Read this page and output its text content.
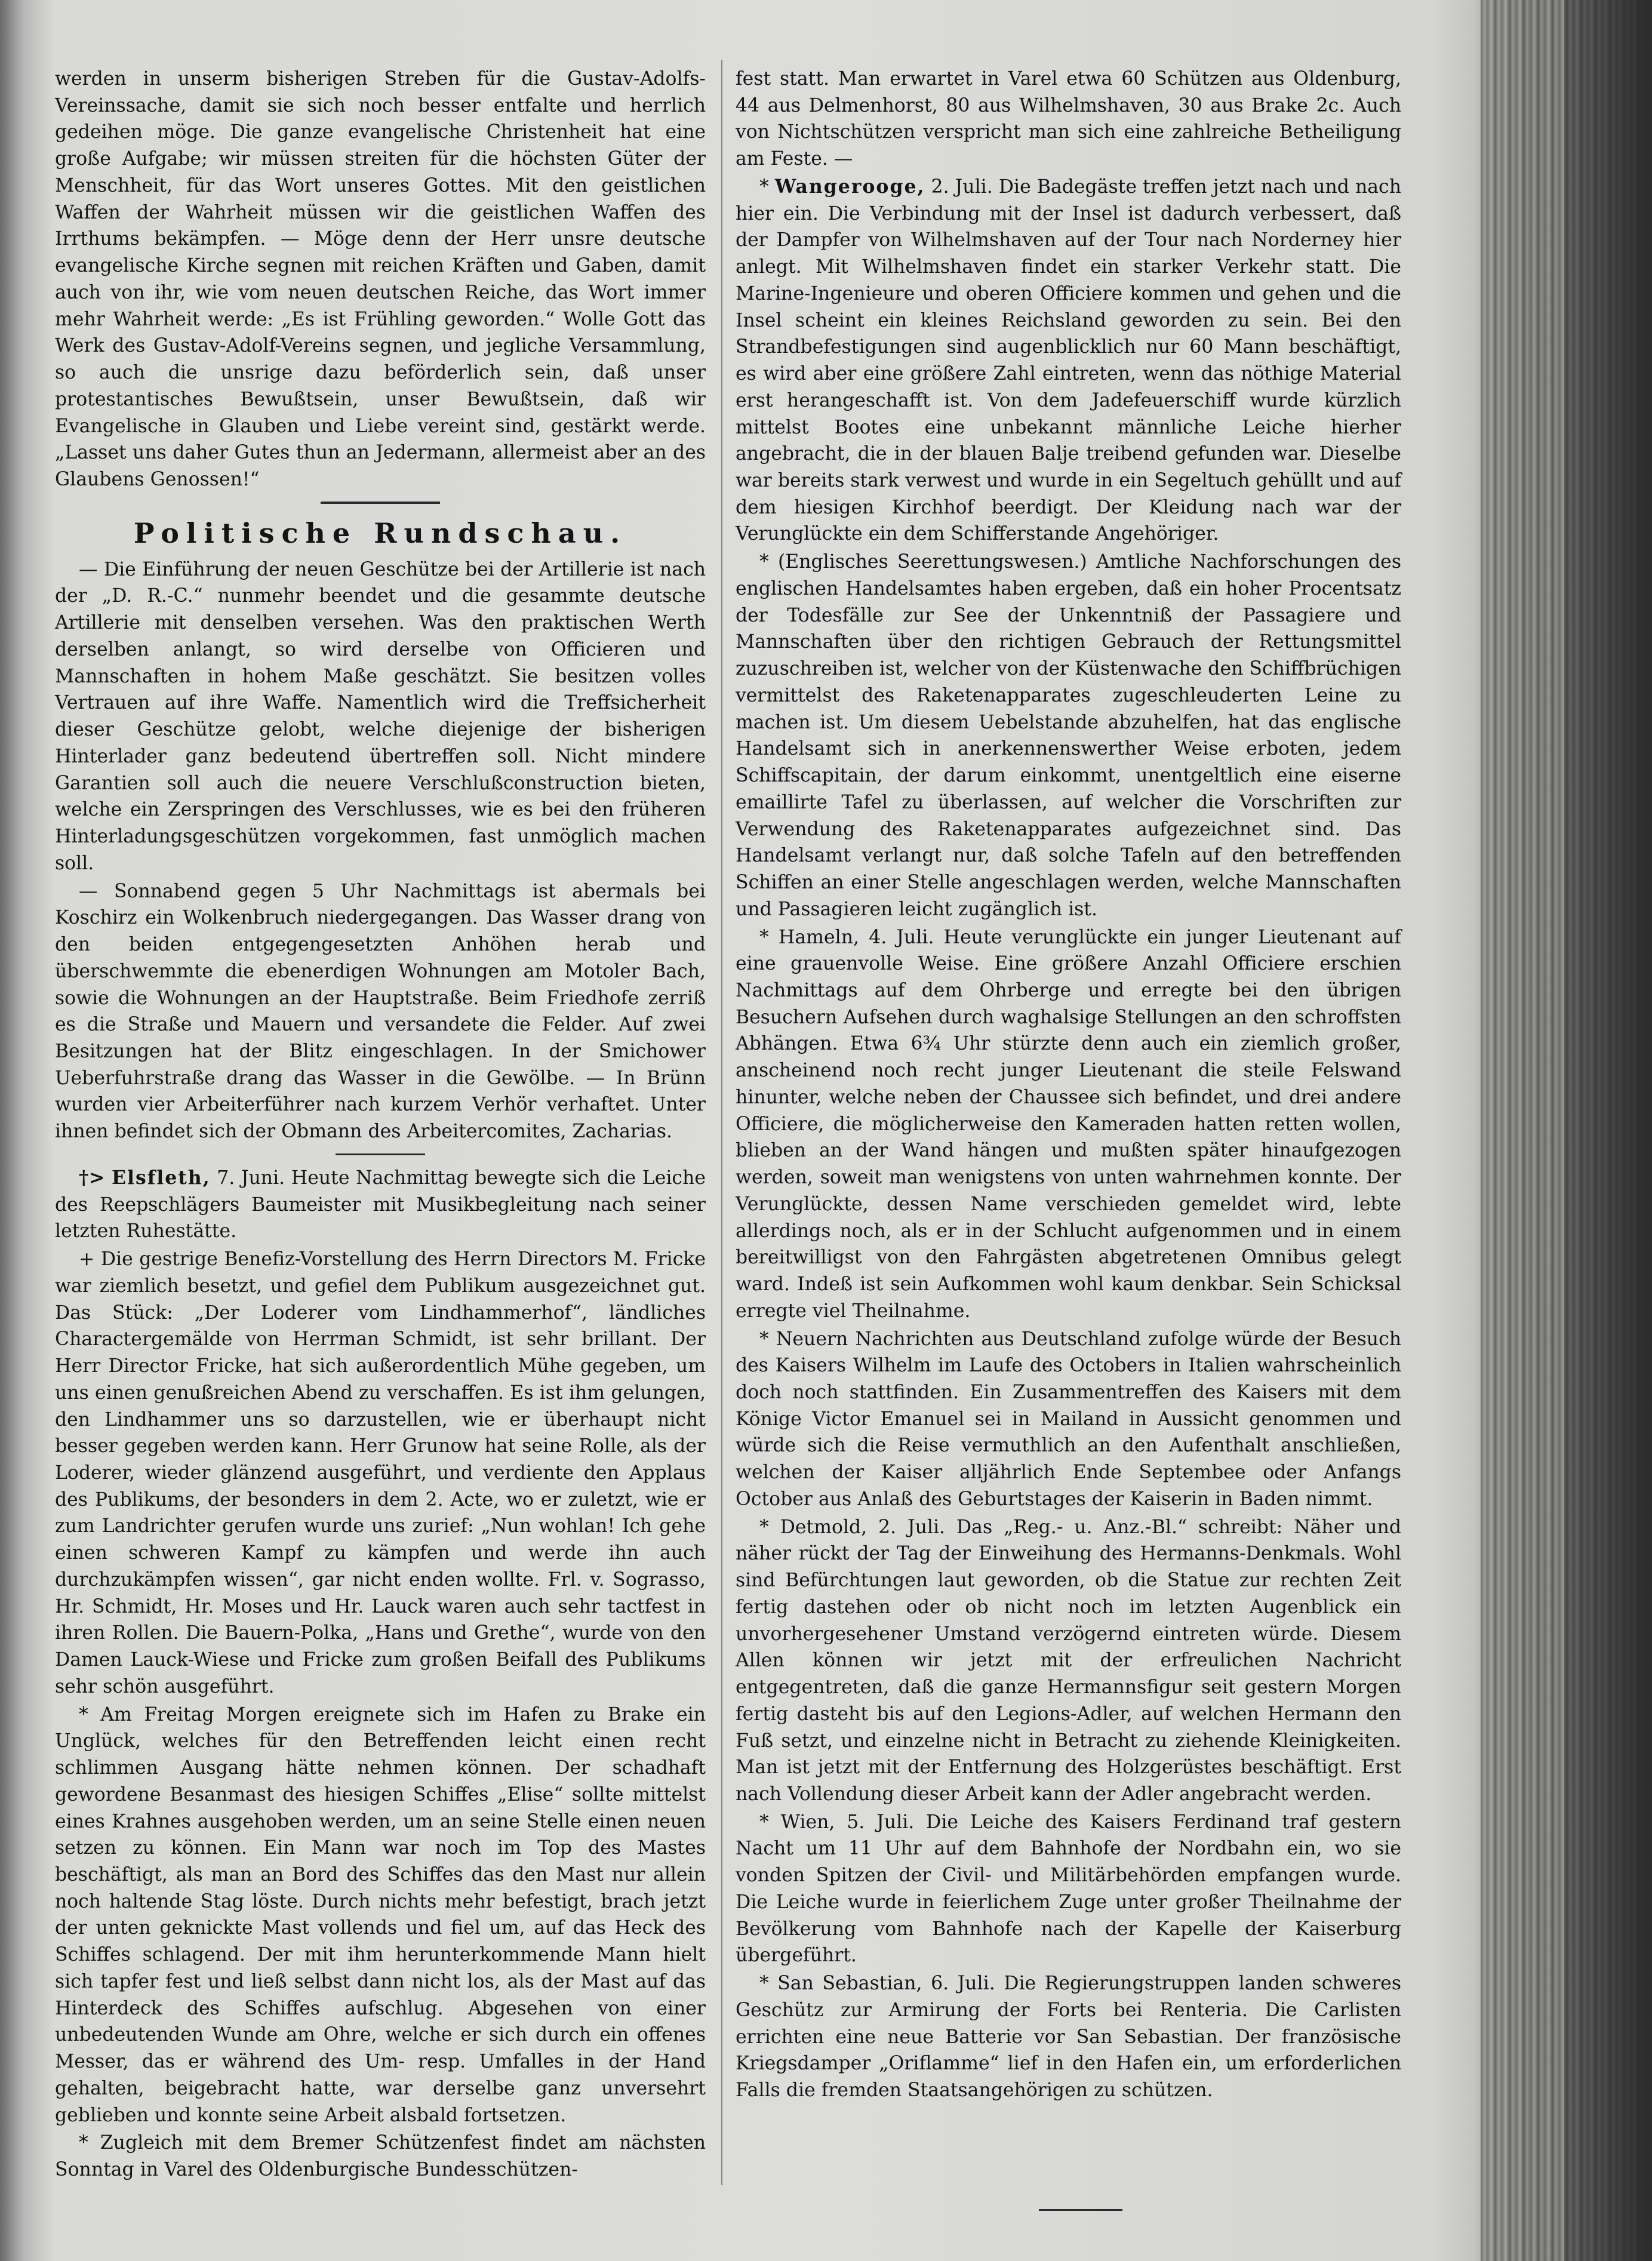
werden in unserm bisherigen Streben für die Gustav-Adolfs-Vereinssache, damit sie sich noch besser entfalte und herrlich gedeihen möge. Die ganze evangelische Christenheit hat eine große Aufgabe; wir müssen streiten für die höchsten Güter der Menschheit, für das Wort unseres Gottes. Mit den geistlichen Waffen der Wahrheit müssen wir die geistlichen Waffen des Irrthums bekämpfen. — Möge denn der Herr unsre deutsche evangelische Kirche segnen mit reichen Kräften und Gaben, damit auch von ihr, wie vom neuen deutschen Reiche, das Wort immer mehr Wahrheit werde: „Es ist Frühling geworden.“ Wolle Gott das Werk des Gustav-Adolf-Vereins segnen, und jegliche Versammlung, so auch die unsrige dazu beförderlich sein, daß unser protestantisches Bewußtsein, unser Bewußtsein, daß wir Evangelische in Glauben und Liebe vereint sind, gestärkt werde. „Lasset uns daher Gutes thun an Jedermann, allermeist aber an des Glaubens Genossen!“

Politische Rundschau.

— Die Einführung der neuen Geschütze bei der Artillerie ist nach der „D. R.-C.“ nunmehr beendet und die gesammte deutsche Artillerie mit denselben versehen. Was den praktischen Werth derselben anlangt, so wird derselbe von Officieren und Mannschaften in hohem Maße geschätzt. Sie besitzen volles Vertrauen auf ihre Waffe. Namentlich wird die Treffsicherheit dieser Geschütze gelobt, welche diejenige der bisherigen Hinterlader ganz bedeutend übertreffen soll. Nicht mindere Garantien soll auch die neuere Verschlußconstruction bieten, welche ein Zerspringen des Verschlusses, wie es bei den früheren Hinterladungsgeschützen vorgekommen, fast unmöglich machen soll.

— Sonnabend gegen 5 Uhr Nachmittags ist abermals bei Koschirz ein Wolkenbruch niedergegangen. Das Wasser drang von den beiden entgegengesetzten Anhöhen herab und überschwemmte die ebenerdigen Wohnungen am Motoler Bach, sowie die Wohnungen an der Hauptstraße. Beim Friedhofe zerriß es die Straße und Mauern und versandete die Felder. Auf zwei Besitzungen hat der Blitz eingeschlagen. In der Smichower Ueberfuhrstraße drang das Wasser in die Gewölbe. — In Brünn wurden vier Arbeiterführer nach kurzem Verhör verhaftet. Unter ihnen befindet sich der Obmann des Arbeitercomites, Zacharias.

†> Elsfleth, 7. Juni. Heute Nachmittag bewegte sich die Leiche des Reepschlägers Baumeister mit Musikbegleitung nach seiner letzten Ruhestätte.

+ Die gestrige Benefiz-Vorstellung des Herrn Directors M. Fricke war ziemlich besetzt, und gefiel dem Publikum ausgezeichnet gut. Das Stück: „Der Loderer vom Lindhammerhof“, ländliches Charactergemälde von Herrman Schmidt, ist sehr brillant. Der Herr Director Fricke, hat sich außerordentlich Mühe gegeben, um uns einen genußreichen Abend zu verschaffen. Es ist ihm gelungen, den Lindhammer uns so darzustellen, wie er überhaupt nicht besser gegeben werden kann. Herr Grunow hat seine Rolle, als der Loderer, wieder glänzend ausgeführt, und verdiente den Applaus des Publikums, der besonders in dem 2. Acte, wo er zuletzt, wie er zum Landrichter gerufen wurde uns zurief: „Nun wohlan! Ich gehe einen schweren Kampf zu kämpfen und werde ihn auch durchzukämpfen wissen“, gar nicht enden wollte. Frl. v. Sograsso, Hr. Schmidt, Hr. Moses und Hr. Lauck waren auch sehr tactfest in ihren Rollen. Die Bauern-Polka, „Hans und Grethe“, wurde von den Damen Lauck-Wiese und Fricke zum großen Beifall des Publikums sehr schön ausgeführt.

* Am Freitag Morgen ereignete sich im Hafen zu Brake ein Unglück, welches für den Betreffenden leicht einen recht schlimmen Ausgang hätte nehmen können. Der schadhaft gewordene Besanmast des hiesigen Schiffes „Elise“ sollte mittelst eines Krahnes ausgehoben werden, um an seine Stelle einen neuen setzen zu können. Ein Mann war noch im Top des Mastes beschäftigt, als man an Bord des Schiffes das den Mast nur allein noch haltende Stag löste. Durch nichts mehr befestigt, brach jetzt der unten geknickte Mast vollends und fiel um, auf das Heck des Schiffes schlagend. Der mit ihm herunterkommende Mann hielt sich tapfer fest und ließ selbst dann nicht los, als der Mast auf das Hinterdeck des Schiffes aufschlug. Abgesehen von einer unbedeutenden Wunde am Ohre, welche er sich durch ein offenes Messer, das er während des Um- resp. Umfalles in der Hand gehalten, beigebracht hatte, war derselbe ganz unversehrt geblieben und konnte seine Arbeit alsbald fortsetzen.

* Zugleich mit dem Bremer Schützenfest findet am nächsten Sonntag in Varel des Oldenburgische Bundesschützen-

fest statt. Man erwartet in Varel etwa 60 Schützen aus Oldenburg, 44 aus Delmenhorst, 80 aus Wilhelmshaven, 30 aus Brake 2c. Auch von Nichtschützen verspricht man sich eine zahlreiche Betheiligung am Feste. —

* Wangerooge, 2. Juli. Die Badegäste treffen jetzt nach und nach hier ein. Die Verbindung mit der Insel ist dadurch verbessert, daß der Dampfer von Wilhelmshaven auf der Tour nach Norderney hier anlegt. Mit Wilhelmshaven findet ein starker Verkehr statt. Die Marine-Ingenieure und oberen Officiere kommen und gehen und die Insel scheint ein kleines Reichsland geworden zu sein. Bei den Strandbefestigungen sind augenblicklich nur 60 Mann beschäftigt, es wird aber eine größere Zahl eintreten, wenn das nöthige Material erst herangeschafft ist. Von dem Jadefeuerschiff wurde kürzlich mittelst Bootes eine unbekannt männliche Leiche hierher angebracht, die in der blauen Balje treibend gefunden war. Dieselbe war bereits stark verwest und wurde in ein Segeltuch gehüllt und auf dem hiesigen Kirchhof beerdigt. Der Kleidung nach war der Verunglückte ein dem Schifferstande Angehöriger.

* (Englisches Seerettungswesen.) Amtliche Nachforschungen des englischen Handelsamtes haben ergeben, daß ein hoher Procentsatz der Todesfälle zur See der Unkenntniß der Passagiere und Mannschaften über den richtigen Gebrauch der Rettungsmittel zuzuschreiben ist, welcher von der Küstenwache den Schiffbrüchigen vermittelst des Raketenapparates zugeschleuderten Leine zu machen ist. Um diesem Uebelstande abzuhelfen, hat das englische Handelsamt sich in anerkennenswerther Weise erboten, jedem Schiffscapitain, der darum einkommt, unentgeltlich eine eiserne emaillirte Tafel zu überlassen, auf welcher die Vorschriften zur Verwendung des Raketenapparates aufgezeichnet sind. Das Handelsamt verlangt nur, daß solche Tafeln auf den betreffenden Schiffen an einer Stelle angeschlagen werden, welche Mannschaften und Passagieren leicht zugänglich ist.

* Hameln, 4. Juli. Heute verunglückte ein junger Lieutenant auf eine grauenvolle Weise. Eine größere Anzahl Officiere erschien Nachmittags auf dem Ohrberge und erregte bei den übrigen Besuchern Aufsehen durch waghalsige Stellungen an den schroffsten Abhängen. Etwa 6¾ Uhr stürzte denn auch ein ziemlich großer, anscheinend noch recht junger Lieutenant die steile Felswand hinunter, welche neben der Chaussee sich befindet, und drei andere Officiere, die möglicherweise den Kameraden hatten retten wollen, blieben an der Wand hängen und mußten später hinaufgezogen werden, soweit man wenigstens von unten wahrnehmen konnte. Der Verunglückte, dessen Name verschieden gemeldet wird, lebte allerdings noch, als er in der Schlucht aufgenommen und in einem bereitwilligst von den Fahrgästen abgetretenen Omnibus gelegt ward. Indeß ist sein Aufkommen wohl kaum denkbar. Sein Schicksal erregte viel Theilnahme.

* Neuern Nachrichten aus Deutschland zufolge würde der Besuch des Kaisers Wilhelm im Laufe des Octobers in Italien wahrscheinlich doch noch stattfinden. Ein Zusammentreffen des Kaisers mit dem Könige Victor Emanuel sei in Mailand in Aussicht genommen und würde sich die Reise vermuthlich an den Aufenthalt anschließen, welchen der Kaiser alljährlich Ende Septembee oder Anfangs October aus Anlaß des Geburtstages der Kaiserin in Baden nimmt.

* Detmold, 2. Juli. Das „Reg.- u. Anz.-Bl.“ schreibt: Näher und näher rückt der Tag der Einweihung des Hermanns-Denkmals. Wohl sind Befürchtungen laut geworden, ob die Statue zur rechten Zeit fertig dastehen oder ob nicht noch im letzten Augenblick ein unvorhergesehener Umstand verzögernd eintreten würde. Diesem Allen können wir jetzt mit der erfreulichen Nachricht entgegentreten, daß die ganze Hermannsfigur seit gestern Morgen fertig dasteht bis auf den Legions-Adler, auf welchen Hermann den Fuß setzt, und einzelne nicht in Betracht zu ziehende Kleinigkeiten. Man ist jetzt mit der Entfernung des Holzgerüstes beschäftigt. Erst nach Vollendung dieser Arbeit kann der Adler angebracht werden.

* Wien, 5. Juli. Die Leiche des Kaisers Ferdinand traf gestern Nacht um 11 Uhr auf dem Bahnhofe der Nordbahn ein, wo sie vonden Spitzen der Civil- und Militärbehörden empfangen wurde. Die Leiche wurde in feierlichem Zuge unter großer Theilnahme der Bevölkerung vom Bahnhofe nach der Kapelle der Kaiserburg übergeführt.

* San Sebastian, 6. Juli. Die Regierungstruppen landen schweres Geschütz zur Armirung der Forts bei Renteria. Die Carlisten errichten eine neue Batterie vor San Sebastian. Der französische Kriegsdamper „Oriflamme“ lief in den Hafen ein, um erforderlichen Falls die fremden Staatsangehörigen zu schützen.
